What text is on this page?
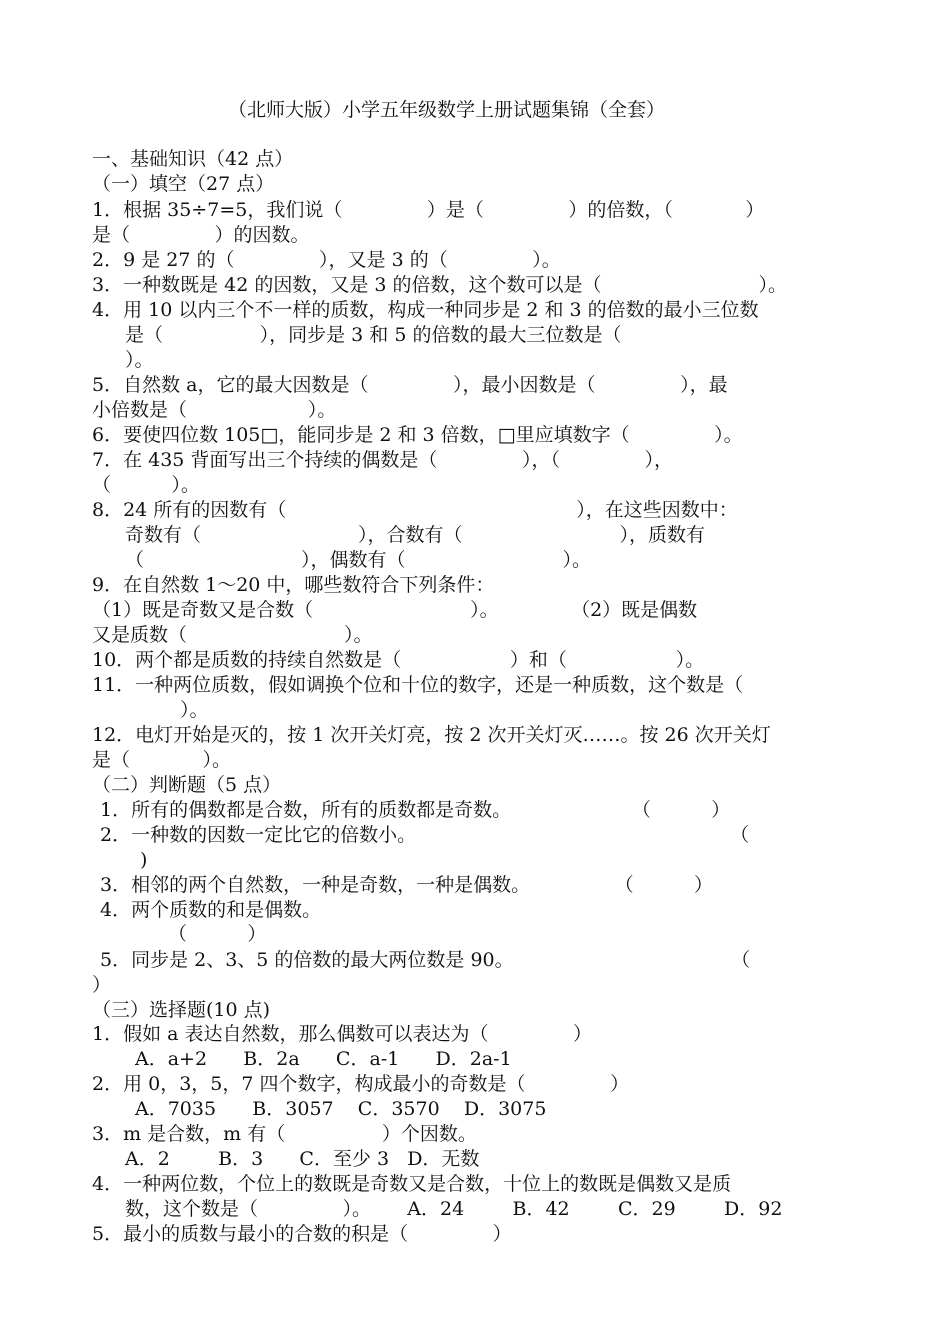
（北师大版）小学五年级数学上册试题集锦（全套）
一、基础知识（42 点）
（一）填空（27 点）
1．根据 35÷7=5，我们说（              ）是（              ）的倍数，（            ）
是（              ）的因数。
2．9 是 27 的（              ），又是 3 的（              ）。
3．一种数既是 42 的因数，又是 3 的倍数，这个数可以是（                          ）。
4．用 10 以内三个不一样的质数，构成一种同步是 2 和 3 的倍数的最小三位数
是（                ），同步是 3 和 5 的倍数的最大三位数是（
）。
5．自然数 a，它的最大因数是（              ），最小因数是（              ），最
小倍数是（                    ）。
6．要使四位数 105□，能同步是 2 和 3 倍数，□里应填数字（              ）。
7．在 435 背面写出三个持续的偶数是（              ），（              ），
（          ）。
8．24 所有的因数有（                                                ），在这些因数中：
奇数有（                          ），合数有（                          ），质数有
（                          ），偶数有（                          ）。
9．在自然数 1～20 中，哪些数符合下列条件：
（1）既是奇数又是合数（                          ）。            （2）既是偶数
又是质数（                          ）。
10．两个都是质数的持续自然数是（                  ）和（                  ）。
11．一种两位质数，假如调换个位和十位的数字，还是一种质数，这个数是（
）。
12．电灯开始是灭的，按 1 次开关灯亮，按 2 次开关灯灭……。按 26 次开关灯
是（            ）。
（二）判断题（5 点）
1．所有的偶数都是合数，所有的质数都是奇数。                    （          ）
2．一种数的因数一定比它的倍数小。                                                    （
)
3．相邻的两个自然数，一种是奇数，一种是偶数。              （          ）
4．两个质数的和是偶数。
（          ）
5．同步是 2、3、5 的倍数的最大两位数是 90。                                    （
）
（三）选择题(10 点)
1．假如 a 表达自然数，那么偶数可以表达为（              ）
A．a+2      B．2a      C．a-1      D．2a-1
2．用 0，3，5，7 四个数字，构成最小的奇数是（              ）
A．7035      B．3057    C．3570    D．3075
3．m 是合数，m 有（                ）个因数。
A．2        B．3      C．至少 3   D．无数
4．一种两位数，个位上的数既是奇数又是合数，十位上的数既是偶数又是质
数，这个数是（              ）。      A．24        B．42        C．29        D．92
5．最小的质数与最小的合数的积是（              ）
